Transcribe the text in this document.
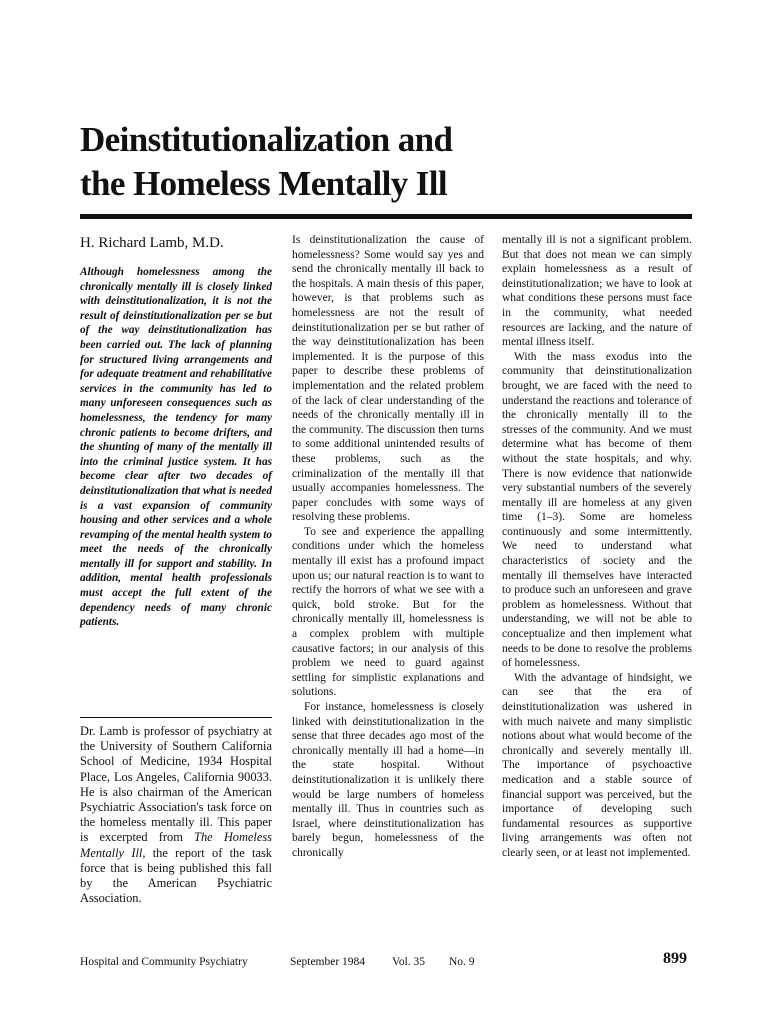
Deinstitutionalization and
the Homeless Mentally Ill
H. Richard Lamb, M.D.

Although homelessness among the chronically mentally ill is closely linked with deinstitutionalization, it is not the result of deinstitutionalization per se but of the way deinstitutionalization has been carried out. The lack of planning for structured living arrangements and for adequate treatment and rehabilitative services in the community has led to many unforeseen consequences such as homelessness, the tendency for many chronic patients to become drifters, and the shunting of many of the mentally ill into the criminal justice system. It has become clear after two decades of deinstitutionalization that what is needed is a vast expansion of community housing and other services and a whole revamping of the mental health system to meet the needs of the chronically mentally ill for support and stability. In addition, mental health professionals must accept the full extent of the dependency needs of many chronic patients.

Dr. Lamb is professor of psychiatry at the University of Southern California School of Medicine, 1934 Hospital Place, Los Angeles, California 90033. He is also chairman of the American Psychiatric Association's task force on the homeless mentally ill. This paper is excerpted from The Homeless Mentally Ill, the report of the task force that is being published this fall by the American Psychiatric Association.

Is deinstitutionalization the cause of homelessness? Some would say yes and send the chronically mentally ill back to the hospitals. A main thesis of this paper, however, is that problems such as homelessness are not the result of deinstitutionalization per se but rather of the way deinstitutionalization has been implemented. It is the purpose of this paper to describe these problems of implementation and the related problem of the lack of clear understanding of the needs of the chronically mentally ill in the community. The discussion then turns to some additional unintended results of these problems, such as the criminalization of the mentally ill that usually accompanies homelessness. The paper concludes with some ways of resolving these problems.

To see and experience the appalling conditions under which the homeless mentally ill exist has a profound impact upon us; our natural reaction is to want to rectify the horrors of what we see with a quick, bold stroke. But for the chronically mentally ill, homelessness is a complex problem with multiple causative factors; in our analysis of this problem we need to guard against settling for simplistic explanations and solutions.

For instance, homelessness is closely linked with deinstitutionalization in the sense that three decades ago most of the chronically mentally ill had a home—in the state hospital. Without deinstitutionalization it is unlikely there would be large numbers of homeless mentally ill. Thus in countries such as Israel, where deinstitutionalization has barely begun, homelessness of the chronically

mentally ill is not a significant problem. But that does not mean we can simply explain homelessness as a result of deinstitutionalization; we have to look at what conditions these persons must face in the community, what needed resources are lacking, and the nature of mental illness itself.

With the mass exodus into the community that deinstitutionalization brought, we are faced with the need to understand the reactions and tolerance of the chronically mentally ill to the stresses of the community. And we must determine what has become of them without the state hospitals, and why. There is now evidence that nationwide very substantial numbers of the severely mentally ill are homeless at any given time (1–3). Some are homeless continuously and some intermittently. We need to understand what characteristics of society and the mentally ill themselves have interacted to produce such an unforeseen and grave problem as homelessness. Without that understanding, we will not be able to conceptualize and then implement what needs to be done to resolve the problems of homelessness.

With the advantage of hindsight, we can see that the era of deinstitutionalization was ushered in with much naivete and many simplistic notions about what would become of the chronically and severely mentally ill. The importance of psychoactive medication and a stable source of financial support was perceived, but the importance of developing such fundamental resources as supportive living arrangements was often not clearly seen, or at least not implemented.

Hospital and Community Psychiatry	September 1984 Vol. 35 No. 9	899
